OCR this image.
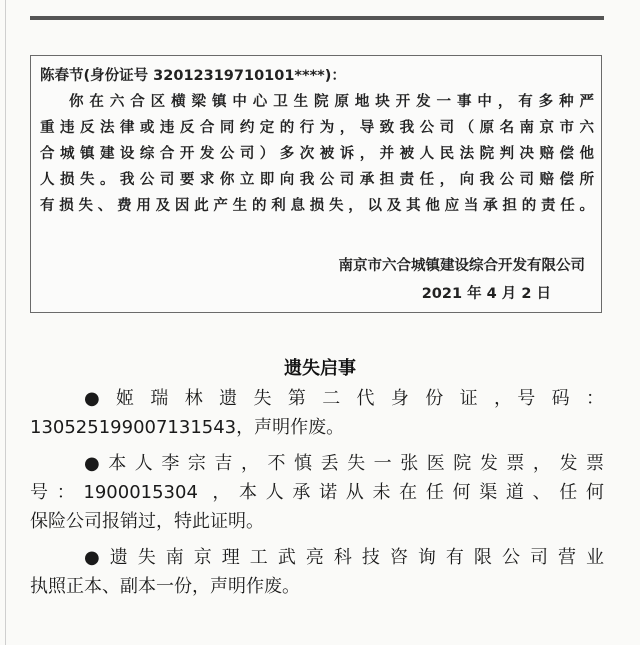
陈春节(身份证号 32012319710101****)：
你在六合区横梁镇中心卫生院原地块开发一事中，有多种严
重违反法律或违反合同约定的行为，导致我公司（原名南京市六
合城镇建设综合开发公司）多次被诉，并被人民法院判决赔偿他
人损失。我公司要求你立即向我公司承担责任，向我公司赔偿所
有损失、费用及因此产生的利息损失，以及其他应当承担的责任。
南京市六合城镇建设综合开发有限公司
2021 年 4 月 2 日
遗失启事
● 姬 瑞 林 遗 失 第 二 代 身 份 证 ，号 码 ：
130525199007131543，声明作废。
●本人李宗吉，不慎丢失一张医院发票，发票
号：1900015304 ，本人承诺从未在任何渠道、任何
保险公司报销过，特此证明。
●遗失南京理工武亮科技咨询有限公司营业
执照正本、副本一份，声明作废。
